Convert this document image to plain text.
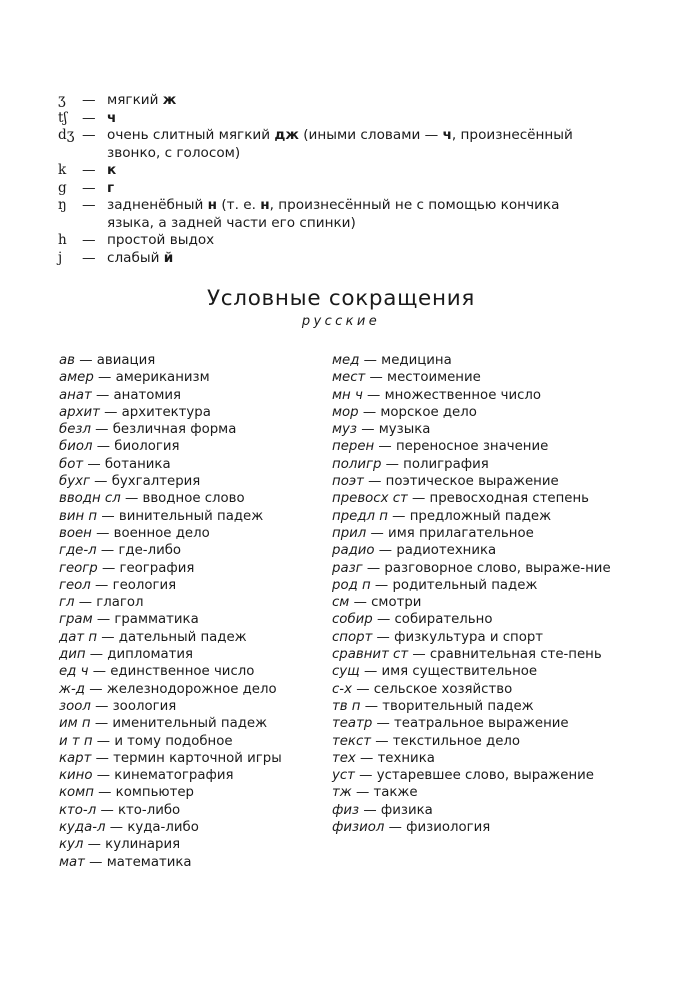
ʒ	— мягкий ж
tʃ	— ч
dʒ — очень слитный мягкий дж (иными словами — ч, произнесённый звонко, с голосом)
k	— к
g	— г
ŋ	— задненёбный н (т. е. н, произнесённый не с помощью кончика языка, а задней части его спинки)
h	— простой выдох
j	— слабый й
Условные сокращения
русские
ав — авиация
амер — американизм
анат — анатомия
архит — архитектура
безл — безличная форма
биол — биология
бот — ботаника
бухг — бухгалтерия
вводн сл — вводное слово
вин п — винительный падеж
воен — военное дело
где-л — где-либо
геогр — география
геол — геология
гл — глагол
грам — грамматика
дат п — дательный падеж
дип — дипломатия
ед ч — единственное число
ж-д — железнодорожное дело
зоол — зоология
им п — именительный падеж
и т п — и тому подобное
карт — термин карточной игры
кино — кинематография
комп — компьютер
кто-л — кто-либо
куда-л — куда-либо
кул — кулинария
мат — математика
мед — медицина
мест — местоимение
мн ч — множественное число
мор — морское дело
муз — музыка
перен — переносное значение
полигр — полиграфия
поэт — поэтическое выражение
превосх ст — превосходная степень
предл п — предложный падеж
прил — имя прилагательное
радио — радиотехника
разг — разговорное слово, выраже-ние
род п — родительный падеж
см — смотри
собир — собирательно
спорт — физкультура и спорт
сравнит ст — сравнительная сте-пень
сущ — имя существительное
с-х — сельское хозяйство
тв п — творительный падеж
театр — театральное выражение
текст — текстильное дело
тех — техника
уст — устаревшее слово, выражение
тж — также
физ — физика
физиол — физиология
